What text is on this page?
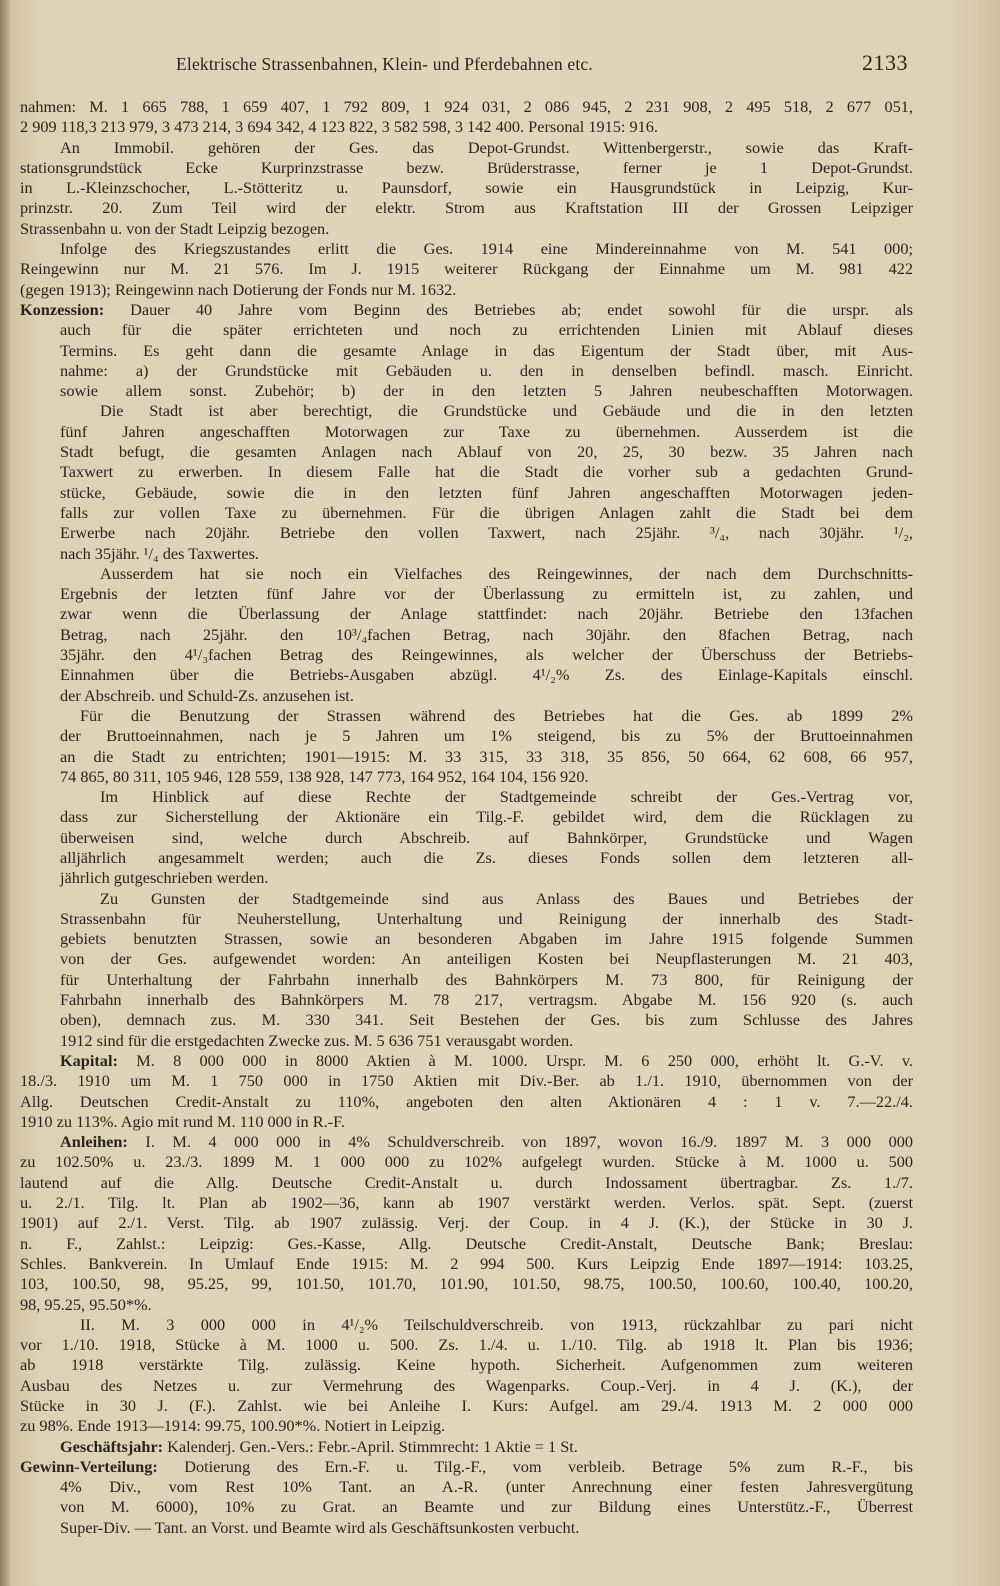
Elektrische Strassenbahnen, Klein- und Pferdebahnen etc.	2133
nahmen: M. 1 665 788, 1 659 407, 1 792 809, 1 924 031, 2 086 945, 2 231 908, 2 495 518, 2 677 051,
2 909 118,3 213 979, 3 473 214, 3 694 342, 4 123 822, 3 582 598, 3 142 400. Personal 1915: 916.
An Immobil. gehören der Ges. das Depot-Grundst. Wittenbergerstr., sowie das Kraft-
stationsgrundstück Ecke Kurprinzstrasse bezw. Brüderstrasse, ferner je 1 Depot-Grundst.
in L.-Kleinzschocher, L.-Stötteritz u. Paunsdorf, sowie ein Hausgrundstück in Leipzig, Kur-
prinzstr. 20. Zum Teil wird der elektr. Strom aus Kraftstation III der Grossen Leipziger
Strassenbahn u. von der Stadt Leipzig bezogen.
Infolge des Kriegszustandes erlitt die Ges. 1914 eine Mindereinnahme von M. 541 000;
Reingewinn nur M. 21 576. Im J. 1915 weiterer Rückgang der Einnahme um M. 981 422
(gegen 1913); Reingewinn nach Dotierung der Fonds nur M. 1632.
Konzession: Dauer 40 Jahre vom Beginn des Betriebes ab; endet sowohl für die urspr. als
auch für die später errichteten und noch zu errichtenden Linien mit Ablauf dieses
Termins. Es geht dann die gesamte Anlage in das Eigentum der Stadt über, mit Aus-
nahme: a) der Grundstücke mit Gebäuden u. den in denselben befindl. masch. Einricht.
sowie allem sonst. Zubehör; b) der in den letzten 5 Jahren neubeschafften Motorwagen.
Die Stadt ist aber berechtigt, die Grundstücke und Gebäude und die in den letzten
fünf Jahren angeschafften Motorwagen zur Taxe zu übernehmen. Ausserdem ist die
Stadt befugt, die gesamten Anlagen nach Ablauf von 20, 25, 30 bezw. 35 Jahren nach
Taxwert zu erwerben. In diesem Falle hat die Stadt die vorher sub a gedachten Grund-
stücke, Gebäude, sowie die in den letzten fünf Jahren angeschafften Motorwagen jeden-
falls zur vollen Taxe zu übernehmen. Für die übrigen Anlagen zahlt die Stadt bei dem
Erwerbe nach 20jähr. Betriebe den vollen Taxwert, nach 25jähr. ³/₄, nach 30jähr. ¹/₂,
nach 35jähr. ¹/₄ des Taxwertes.
Ausserdem hat sie noch ein Vielfaches des Reingewinnes, der nach dem Durchschnitts-
Ergebnis der letzten fünf Jahre vor der Überlassung zu ermitteln ist, zu zahlen, und
zwar wenn die Überlassung der Anlage stattfindet: nach 20jähr. Betriebe den 13fachen
Betrag, nach 25jähr. den 10³/₄fachen Betrag, nach 30jähr. den 8fachen Betrag, nach
35jähr. den 4¹/₃fachen Betrag des Reingewinnes, als welcher der Überschuss der Betriebs-
Einnahmen über die Betriebs-Ausgaben abzügl. 4¹/₂% Zs. des Einlage-Kapitals einschl.
der Abschreib. und Schuld-Zs. anzusehen ist.
Für die Benutzung der Strassen während des Betriebes hat die Ges. ab 1899 2%
der Bruttoeinnahmen, nach je 5 Jahren um 1% steigend, bis zu 5% der Bruttoeinnahmen
an die Stadt zu entrichten; 1901—1915: M. 33 315, 33 318, 35 856, 50 664, 62 608, 66 957,
74 865, 80 311, 105 946, 128 559, 138 928, 147 773, 164 952, 164 104, 156 920.
Im Hinblick auf diese Rechte der Stadtgemeinde schreibt der Ges.-Vertrag vor,
dass zur Sicherstellung der Aktionäre ein Tilg.-F. gebildet wird, dem die Rücklagen zu
überweisen sind, welche durch Abschreib. auf Bahnkörper, Grundstücke und Wagen
alljährlich angesammelt werden; auch die Zs. dieses Fonds sollen dem letzteren all-
jährlich gutgeschrieben werden.
Zu Gunsten der Stadtgemeinde sind aus Anlass des Baues und Betriebes der
Strassenbahn für Neuherstellung, Unterhaltung und Reinigung der innerhalb des Stadt-
gebiets benutzten Strassen, sowie an besonderen Abgaben im Jahre 1915 folgende Summen
von der Ges. aufgewendet worden: An anteiligen Kosten bei Neupflasterungen M. 21 403,
für Unterhaltung der Fahrbahn innerhalb des Bahnkörpers M. 73 800, für Reinigung der
Fahrbahn innerhalb des Bahnkörpers M. 78 217, vertragsm. Abgabe M. 156 920 (s. auch
oben), demnach zus. M. 330 341. Seit Bestehen der Ges. bis zum Schlusse des Jahres
1912 sind für die erstgedachten Zwecke zus. M. 5 636 751 verausgabt worden.
Kapital: M. 8 000 000 in 8000 Aktien à M. 1000. Urspr. M. 6 250 000, erhöht lt. G.-V. v.
18./3. 1910 um M. 1 750 000 in 1750 Aktien mit Div.-Ber. ab 1./1. 1910, übernommen von der
Allg. Deutschen Credit-Anstalt zu 110%, angeboten den alten Aktionären 4 : 1 v. 7.—22./4.
1910 zu 113%. Agio mit rund M. 110 000 in R.-F.
Anleihen: I. M. 4 000 000 in 4% Schuldverschreib. von 1897, wovon 16./9. 1897 M. 3 000 000
zu 102.50% u. 23./3. 1899 M. 1 000 000 zu 102% aufgelegt wurden. Stücke à M. 1000 u. 500
lautend auf die Allg. Deutsche Credit-Anstalt u. durch Indossament übertragbar. Zs. 1./7.
u. 2./1. Tilg. lt. Plan ab 1902—36, kann ab 1907 verstärkt werden. Verlos. spät. Sept. (zuerst
1901) auf 2./1. Verst. Tilg. ab 1907 zulässig. Verj. der Coup. in 4 J. (K.), der Stücke in 30 J.
n. F., Zahlst.: Leipzig: Ges.-Kasse, Allg. Deutsche Credit-Anstalt, Deutsche Bank; Breslau:
Schles. Bankverein. In Umlauf Ende 1915: M. 2 994 500. Kurs Leipzig Ende 1897—1914: 103.25,
103, 100.50, 98, 95.25, 99, 101.50, 101.70, 101.90, 101.50, 98.75, 100.50, 100.60, 100.40, 100.20,
98, 95.25, 95.50*%.
II. M. 3 000 000 in 4¹/₂% Teilschuldverschreib. von 1913, rückzahlbar zu pari nicht
vor 1./10. 1918, Stücke à M. 1000 u. 500. Zs. 1./4. u. 1./10. Tilg. ab 1918 lt. Plan bis 1936;
ab 1918 verstärkte Tilg. zulässig. Keine hypoth. Sicherheit. Aufgenommen zum weiteren
Ausbau des Netzes u. zur Vermehrung des Wagenparks. Coup.-Verj. in 4 J. (K.), der
Stücke in 30 J. (F.). Zahlst. wie bei Anleihe I. Kurs: Aufgel. am 29./4. 1913 M. 2 000 000
zu 98%. Ende 1913—1914: 99.75, 100.90*%. Notiert in Leipzig.
Geschäftsjahr: Kalenderj. Gen.-Vers.: Febr.-April. Stimmrecht: 1 Aktie = 1 St.
Gewinn-Verteilung: Dotierung des Ern.-F. u. Tilg.-F., vom verbleib. Betrage 5% zum R.-F., bis
4% Div., vom Rest 10% Tant. an A.-R. (unter Anrechnung einer festen Jahresvergütung
von M. 6000), 10% zu Grat. an Beamte und zur Bildung eines Unterstütz.-F., Überrest
Super-Div. — Tant. an Vorst. und Beamte wird als Geschäftsunkosten verbucht.
